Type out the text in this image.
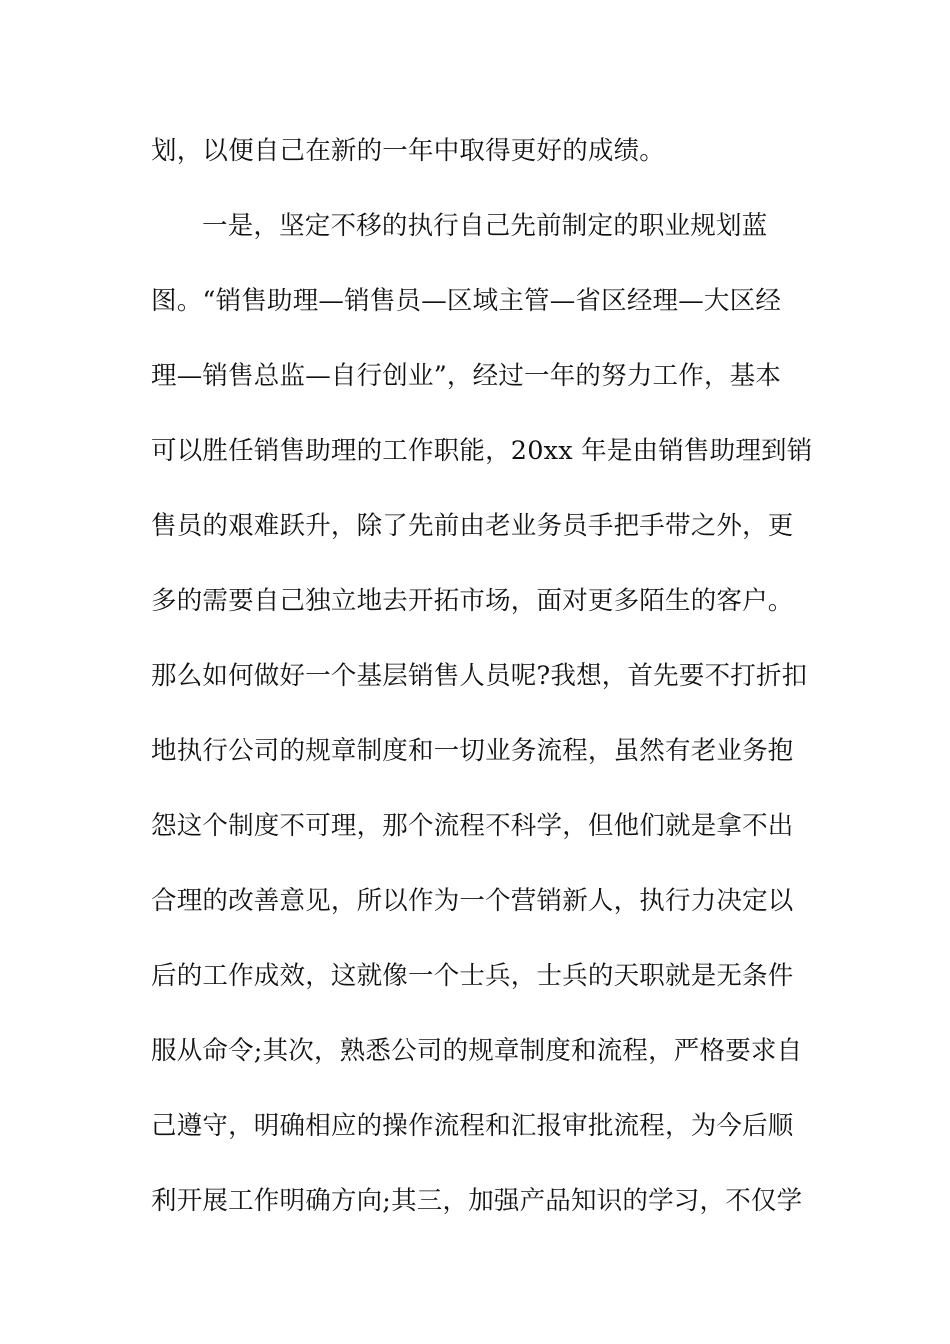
划，以便自己在新的一年中取得更好的成绩。
一是，坚定不移的执行自己先前制定的职业规划蓝
图。“销售助理—销售员—区域主管—省区经理—大区经
理—销售总监—自行创业”，经过一年的努力工作，基本
可以胜任销售助理的工作职能，20xx 年是由销售助理到销
售员的艰难跃升，除了先前由老业务员手把手带之外，更
多的需要自己独立地去开拓市场，面对更多陌生的客户。
那么如何做好一个基层销售人员呢?我想，首先要不打折扣
地执行公司的规章制度和一切业务流程，虽然有老业务抱
怨这个制度不可理，那个流程不科学，但他们就是拿不出
合理的改善意见，所以作为一个营销新人，执行力决定以
后的工作成效，这就像一个士兵，士兵的天职就是无条件
服从命令;其次，熟悉公司的规章制度和流程，严格要求自
己遵守，明确相应的操作流程和汇报审批流程，为今后顺
利开展工作明确方向;其三，加强产品知识的学习，不仅学
